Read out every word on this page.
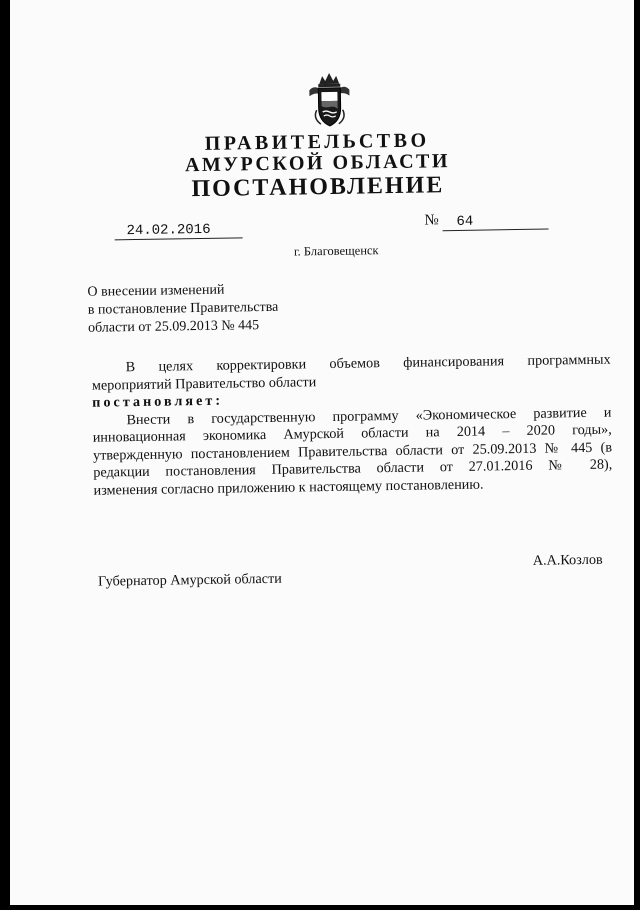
ПРАВИТЕЛЬСТВО
АМУРСКОЙ ОБЛАСТИ
ПОСТАНОВЛЕНИЕ
24.02.2016
№	64
г. Благовещенск
О внесении изменений
в постановление Правительства
области от 25.09.2013 № 445
В целях корректировки объемов финансирования программных
мероприятий Правительство области
постановляет:
Внести в государственную программу «Экономическое развитие и
инновационная экономика Амурской области на 2014 – 2020 годы»,
утвержденную постановлением Правительства области от 25.09.2013 № 445 (в
редакции постановления Правительства области от 27.01.2016 № 28),
изменения согласно приложению к настоящему постановлению.
Губернатор Амурской области
А.А.Козлов
